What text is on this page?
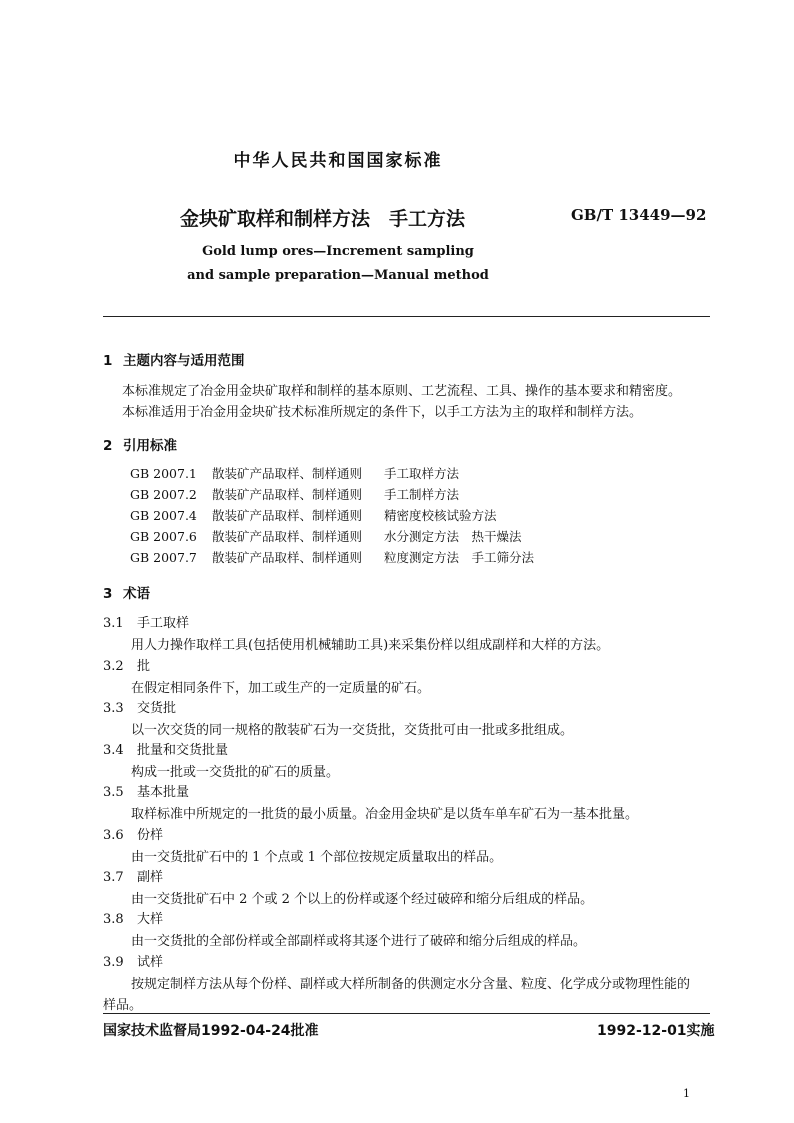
中华人民共和国国家标准
金块矿取样和制样方法　手工方法	GB/T 13449—92
Gold lump ores—Increment sampling
and sample preparation—Manual method
1 主题内容与适用范围
本标准规定了冶金用金块矿取样和制样的基本原则、工艺流程、工具、操作的基本要求和精密度。
本标准适用于冶金用金块矿技术标准所规定的条件下，以手工方法为主的取样和制样方法。
2 引用标准
GB 2007.1 散装矿产品取样、制样通则 手工取样方法
GB 2007.2 散装矿产品取样、制样通则 手工制样方法
GB 2007.4 散装矿产品取样、制样通则 精密度校核试验方法
GB 2007.6 散装矿产品取样、制样通则 水分测定方法　热干燥法
GB 2007.7 散装矿产品取样、制样通则 粒度测定方法　手工筛分法
3 术语
3.1 手工取样
用人力操作取样工具(包括使用机械辅助工具)来采集份样以组成副样和大样的方法。
3.2 批
在假定相同条件下，加工或生产的一定质量的矿石。
3.3 交货批
以一次交货的同一规格的散装矿石为一交货批，交货批可由一批或多批组成。
3.4 批量和交货批量
构成一批或一交货批的矿石的质量。
3.5 基本批量
取样标准中所规定的一批货的最小质量。冶金用金块矿是以货车单车矿石为一基本批量。
3.6 份样
由一交货批矿石中的 1 个点或 1 个部位按规定质量取出的样品。
3.7 副样
由一交货批矿石中 2 个或 2 个以上的份样或逐个经过破碎和缩分后组成的样品。
3.8 大样
由一交货批的全部份样或全部副样或将其逐个进行了破碎和缩分后组成的样品。
3.9 试样
按规定制样方法从每个份样、副样或大样所制备的供测定水分含量、粒度、化学成分或物理性能的
样品。
国家技术监督局1992-04-24批准	1992-12-01实施
1
